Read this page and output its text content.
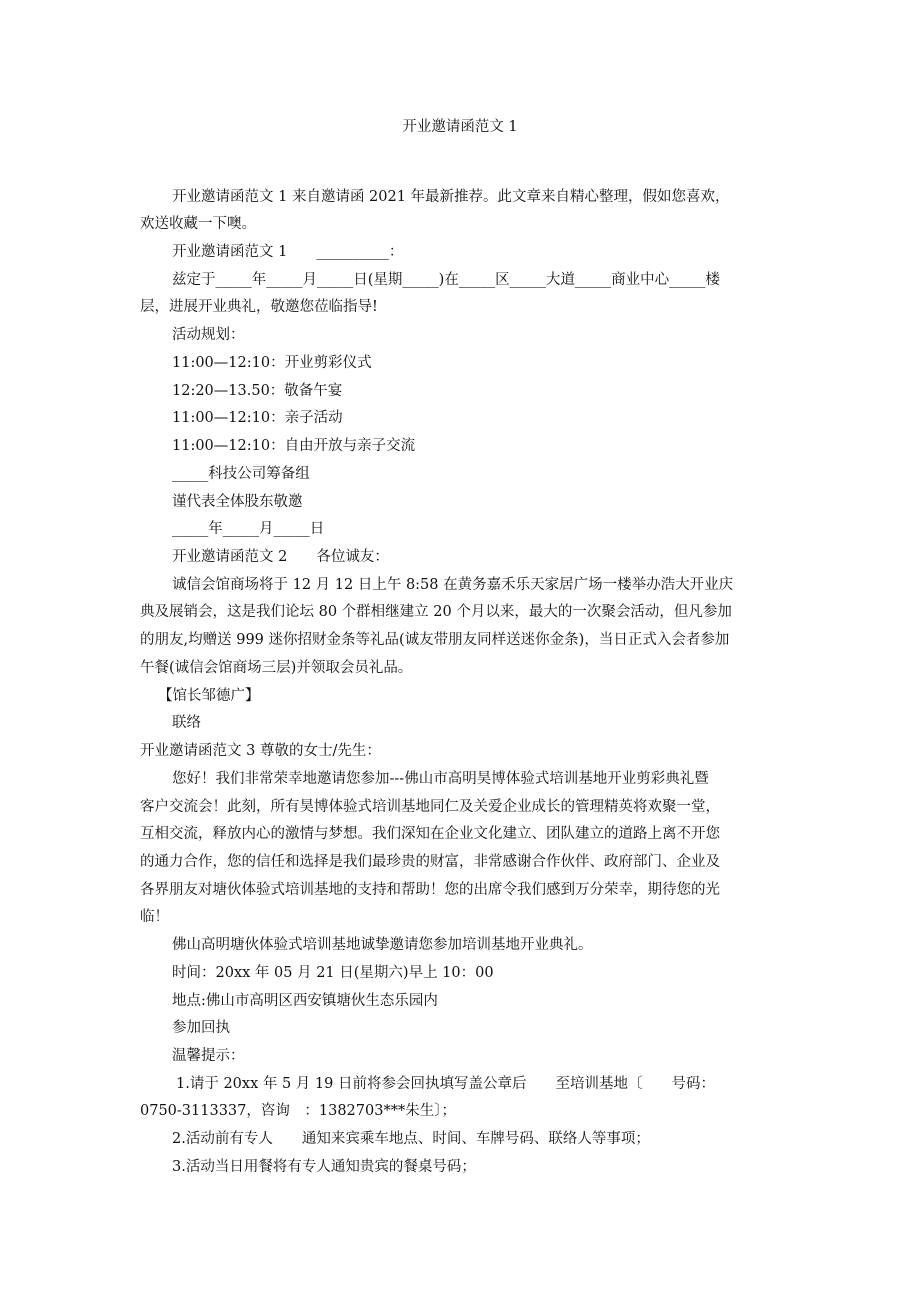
开业邀请函范文 1
开业邀请函范文 1 来自邀请函 2021 年最新推荐。此文章来自精心整理，假如您喜欢，
欢送收藏一下噢。
开业邀请函范文 1　　__________：
兹定于_____年_____月_____日(星期_____)在_____区_____大道_____商业中心_____楼
层，进展开业典礼，敬邀您莅临指导!
活动规划：
11:00—12:10：开业剪彩仪式
12:20—13.50：敬备午宴
11:00—12:10：亲子活动
11:00—12:10：自由开放与亲子交流
_____科技公司筹备组
谨代表全体股东敬邀
_____年_____月_____日
开业邀请函范文 2　　各位诚友：
诚信会馆商场将于 12 月 12 日上午 8:58 在黄务嘉禾乐天家居广场一楼举办浩大开业庆
典及展销会，这是我们论坛 80 个群相继建立 20 个月以来，最大的一次聚会活动，但凡参加
的朋友,均赠送 999 迷你招财金条等礼品(诚友带朋友同样送迷你金条)，当日正式入会者参加
午餐(诚信会馆商场三层)并领取会员礼品。
【馆长邹德广】
联络
开业邀请函范文 3 尊敬的女士/先生：
您好！我们非常荣幸地邀请您参加---佛山市高明昊博体验式培训基地开业剪彩典礼暨
客户交流会！此刻，所有昊博体验式培训基地同仁及关爱企业成长的管理精英将欢聚一堂，
互相交流，释放内心的激情与梦想。我们深知在企业文化建立、团队建立的道路上离不开您
的通力合作，您的信任和选择是我们最珍贵的财富，非常感谢合作伙伴、政府部门、企业及
各界朋友对塘伙体验式培训基地的支持和帮助！您的出席令我们感到万分荣幸，期待您的光
临！
佛山高明塘伙体验式培训基地诚挚邀请您参加培训基地开业典礼。
时间：20xx 年 05 月 21 日(星期六)早上 10：00
地点:佛山市高明区西安镇塘伙生态乐园内
参加回执
温馨提示：
1.请于 20xx 年 5 月 19 日前将参会回执填写盖公章后　　至培训基地〔　　号码：
0750-3113337，咨询　：1382703***朱生〕；
2.活动前有专人　　通知来宾乘车地点、时间、车牌号码、联络人等事项；
3.活动当日用餐将有专人通知贵宾的餐桌号码；
